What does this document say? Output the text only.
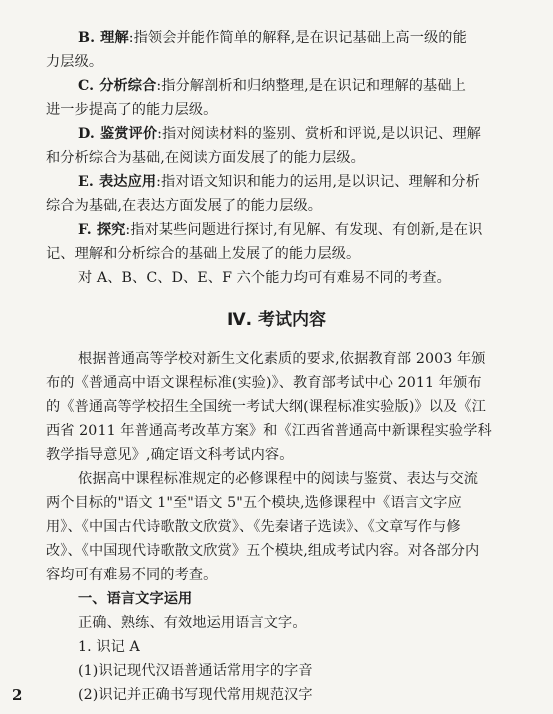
B. 理解:指领会并能作简单的解释,是在识记基础上高一级的能
力层级。
C. 分析综合:指分解剖析和归纳整理,是在识记和理解的基础上
进一步提高了的能力层级。
D. 鉴赏评价:指对阅读材料的鉴别、赏析和评说,是以识记、理解
和分析综合为基础,在阅读方面发展了的能力层级。
E. 表达应用:指对语文知识和能力的运用,是以识记、理解和分析
综合为基础,在表达方面发展了的能力层级。
F. 探究:指对某些问题进行探讨,有见解、有发现、有创新,是在识
记、理解和分析综合的基础上发展了的能力层级。
对 A、B、C、D、E、F 六个能力均可有难易不同的考查。
Ⅳ. 考试内容
根据普通高等学校对新生文化素质的要求,依据教育部 2003 年颁
布的《普通高中语文课程标准(实验)》、教育部考试中心 2011 年颁布
的《普通高等学校招生全国统一考试大纲(课程标准实验版)》以及《江
西省 2011 年普通高考改革方案》和《江西省普通高中新课程实验学科
教学指导意见》,确定语文科考试内容。
依据高中课程标准规定的必修课程中的阅读与鉴赏、表达与交流
两个目标的"语文 1"至"语文 5"五个模块,选修课程中《语言文字应
用》、《中国古代诗歌散文欣赏》、《先秦诸子选读》、《文章写作与修
改》、《中国现代诗歌散文欣赏》五个模块,组成考试内容。对各部分内
容均可有难易不同的考查。
一、语言文字运用
正确、熟练、有效地运用语言文字。
1. 识记 A
(1)识记现代汉语普通话常用字的字音
(2)识记并正确书写现代常用规范汉字
2
